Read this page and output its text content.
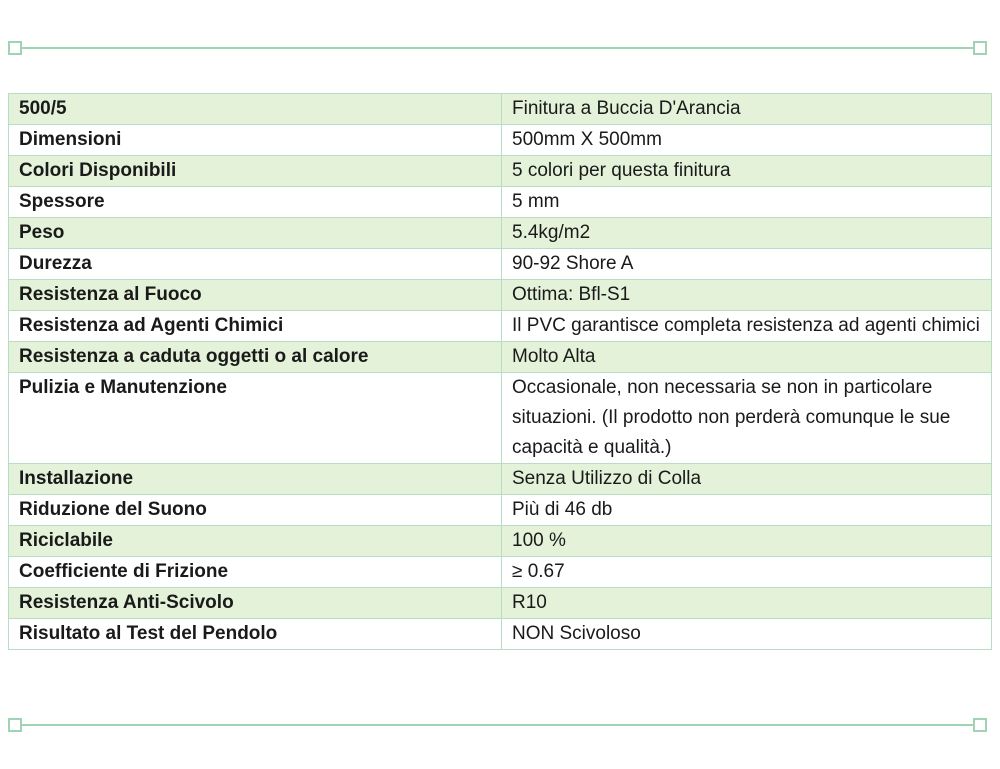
500/5	Finitura a Buccia D'Arancia
Dimensioni	500mm X 500mm
Colori Disponibili	5 colori per questa finitura
Spessore	5 mm
Peso	5.4kg/m2
Durezza	90-92 Shore A
Resistenza al Fuoco	Ottima: Bfl-S1
Resistenza ad Agenti Chimici	Il PVC garantisce completa resistenza ad agenti chimici
Resistenza a caduta oggetti o al calore	Molto Alta
Pulizia e Manutenzione	Occasionale, non necessaria se non in particolare situazioni. (Il prodotto non perderà comunque le sue capacità e qualità.)
Installazione	Senza Utilizzo di Colla
Riduzione del Suono	Più di 46 db
Riciclabile	100 %
Coefficiente di Frizione	≥ 0.67
Resistenza Anti-Scivolo	R10
Risultato al Test del Pendolo	NON Scivoloso
